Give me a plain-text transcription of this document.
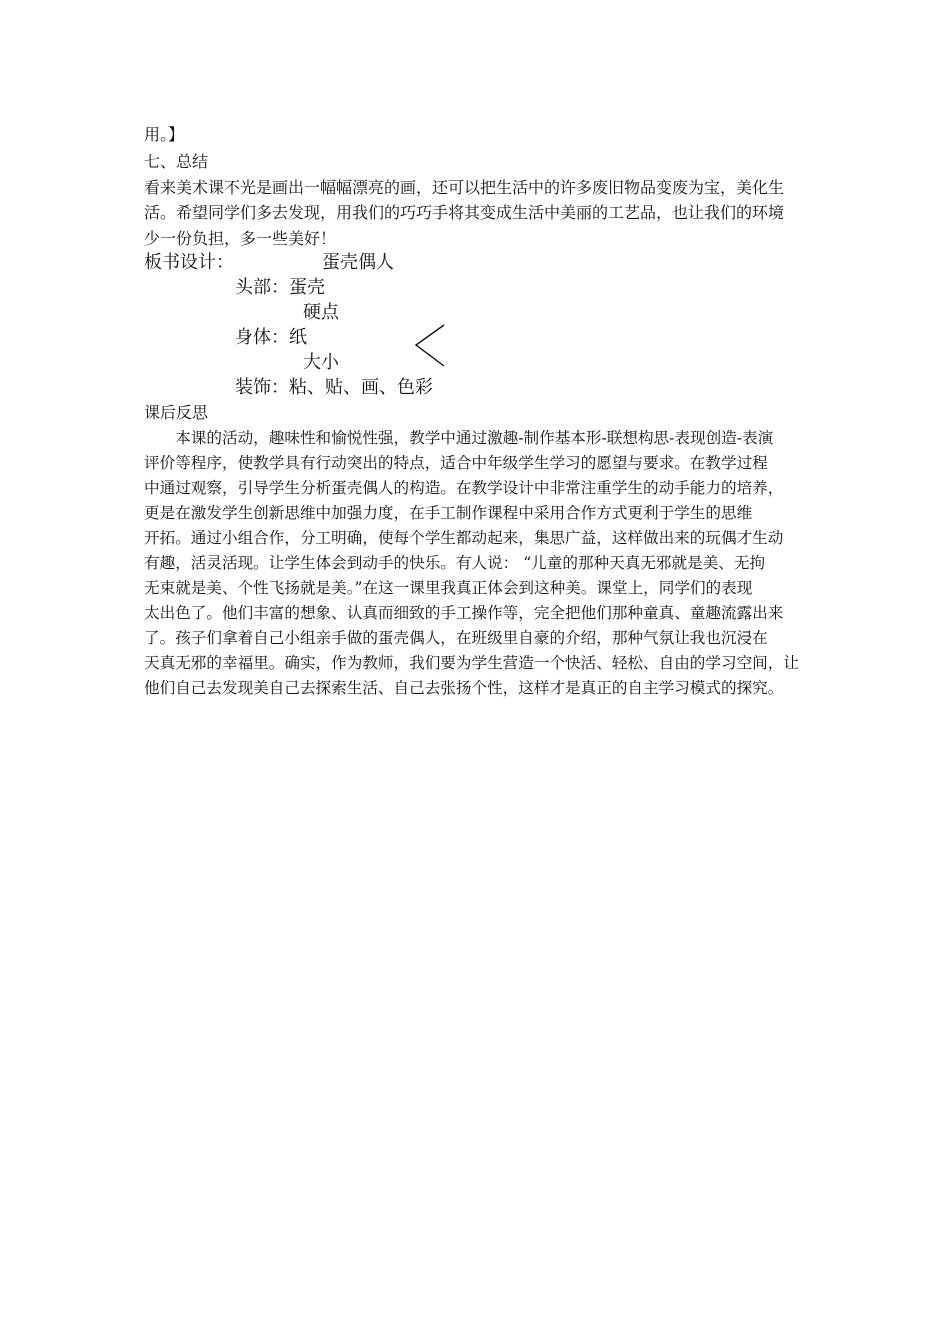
用。】
七、总结
看来美术课不光是画出一幅幅漂亮的画，还可以把生活中的许多废旧物品变废为宝，美化生
活。希望同学们多去发现，用我们的巧巧手将其变成生活中美丽的工艺品，也让我们的环境
少一份负担，多一些美好！
板书设计：	蛋壳偶人
头部：蛋壳
硬点
身体：纸
大小
装饰：粘、贴、画、色彩
课后反思
本课的活动，趣味性和愉悦性强，教学中通过激趣-制作基本形-联想构思-表现创造-表演
评价等程序，使教学具有行动突出的特点，适合中年级学生学习的愿望与要求。在教学过程
中通过观察，引导学生分析蛋壳偶人的构造。在教学设计中非常注重学生的动手能力的培养，
更是在激发学生创新思维中加强力度，在手工制作课程中采用合作方式更利于学生的思维
开拓。通过小组合作，分工明确，使每个学生都动起来，集思广益，这样做出来的玩偶才生动
有趣，活灵活现。让学生体会到动手的快乐。有人说： “儿童的那种天真无邪就是美、无拘
无束就是美、个性飞扬就是美。”在这一课里我真正体会到这种美。课堂上，同学们的表现
太出色了。他们丰富的想象、认真而细致的手工操作等，完全把他们那种童真、童趣流露出来
了。孩子们拿着自己小组亲手做的蛋壳偶人，在班级里自豪的介绍，那种气氛让我也沉浸在
天真无邪的幸福里。确实，作为教师，我们要为学生营造一个快活、轻松、自由的学习空间，让
他们自己去发现美自己去探索生活、自己去张扬个性，这样才是真正的自主学习模式的探究。
